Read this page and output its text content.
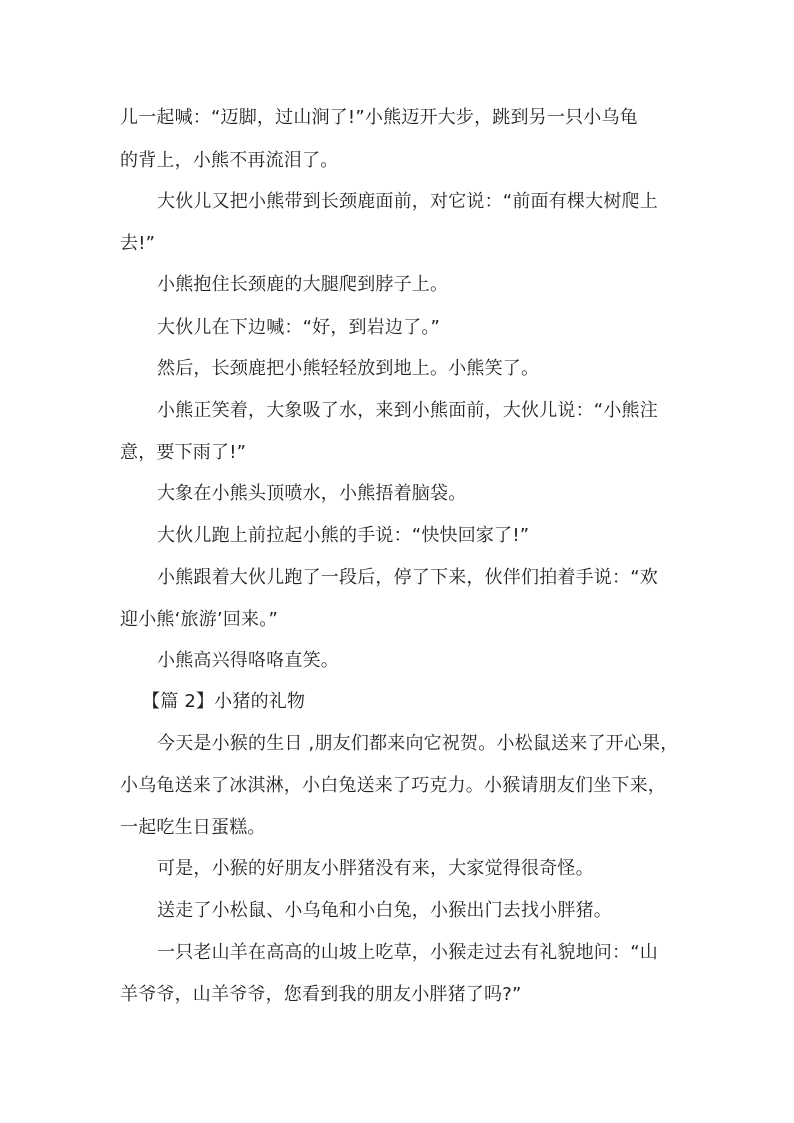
儿一起喊：“迈脚，过山涧了!”小熊迈开大步，跳到另一只小乌龟
的背上，小熊不再流泪了。
大伙儿又把小熊带到长颈鹿面前，对它说：“前面有棵大树爬上
去!”
小熊抱住长颈鹿的大腿爬到脖子上。
大伙儿在下边喊：“好，到岩边了。”
然后，长颈鹿把小熊轻轻放到地上。小熊笑了。
小熊正笑着，大象吸了水，来到小熊面前，大伙儿说：“小熊注
意，要下雨了!”
大象在小熊头顶喷水，小熊捂着脑袋。
大伙儿跑上前拉起小熊的手说：“快快回家了!”
小熊跟着大伙儿跑了一段后，停了下来，伙伴们拍着手说：“欢
迎小熊‘旅游’回来。”
小熊高兴得咯咯直笑。
【篇 2】小猪的礼物
今天是小猴的生日 ,朋友们都来向它祝贺。小松鼠送来了开心果，
小乌龟送来了冰淇淋，小白兔送来了巧克力。小猴请朋友们坐下来，
一起吃生日蛋糕。
可是，小猴的好朋友小胖猪没有来，大家觉得很奇怪。
送走了小松鼠、小乌龟和小白兔，小猴出门去找小胖猪。
一只老山羊在高高的山坡上吃草，小猴走过去有礼貌地问：“山
羊爷爷，山羊爷爷，您看到我的朋友小胖猪了吗?”
